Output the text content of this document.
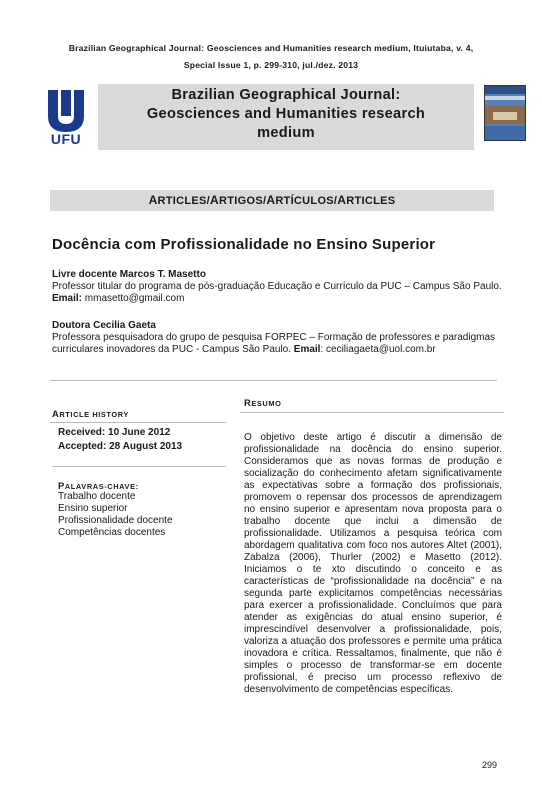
Brazilian Geographical Journal: Geosciences and Humanities research medium, Ituiutaba, v. 4,
Special Issue 1, p. 299-310, jul./dez. 2013
UFU
Brazilian Geographical Journal:
Geosciences and Humanities research
medium
ARTICLES/ARTIGOS/ARTÍCULOS/ARTICLES
Docência com Profissionalidade no Ensino Superior
Livre docente Marcos T. Masetto
Professor titular do programa de pós-graduação Educação e Currículo da PUC – Campus São Paulo.
Email: mmasetto@gmail.com
Doutora Cecilia Gaeta
Professora pesquisadora do grupo de pesquisa FORPEC – Formação de professores e paradigmas
curriculares inovadores da PUC - Campus São Paulo. Email: ceciliagaeta@uol.com.br
ARTICLE HISTORY
Received: 10 June 2012
Accepted: 28 August 2013
PALAVRAS-CHAVE:
Trabalho docente
Ensino superior
Profissionalidade docente
Competências docentes
RESUMO
O objetivo deste artigo é discutir a dimensão de profissionalidade na docência do ensino superior. Consideramos que as novas formas de produção e socialização do conhecimento afetam significativamente as expectativas sobre a formação dos profissionais, promovem o repensar dos processos de aprendizagem no ensino superior e apresentam nova proposta para o trabalho docente que inclui a dimensão de profissionalidade. Utilizamos a pesquisa teórica com abordagem qualitativa com foco nos autores Altet (2001), Zabalza (2006), Thurler (2002) e Masetto (2012). Iniciamos o te xto discutindo o conceito e as características de “profissionalidade na docência” e na segunda parte explicitamos competências necessárias para exercer a profissionalidade. Concluímos que para atender as exigências do atual ensino superior, é imprescindível desenvolver a profissionalidade, pois, valoriza a atuação dos professores e permite uma prática inovadora e crítica. Ressaltamos, finalmente, que não é simples o processo de transformar-se em docente profissional, é preciso um processo reflexivo de desenvolvimento de competências específicas.
299
